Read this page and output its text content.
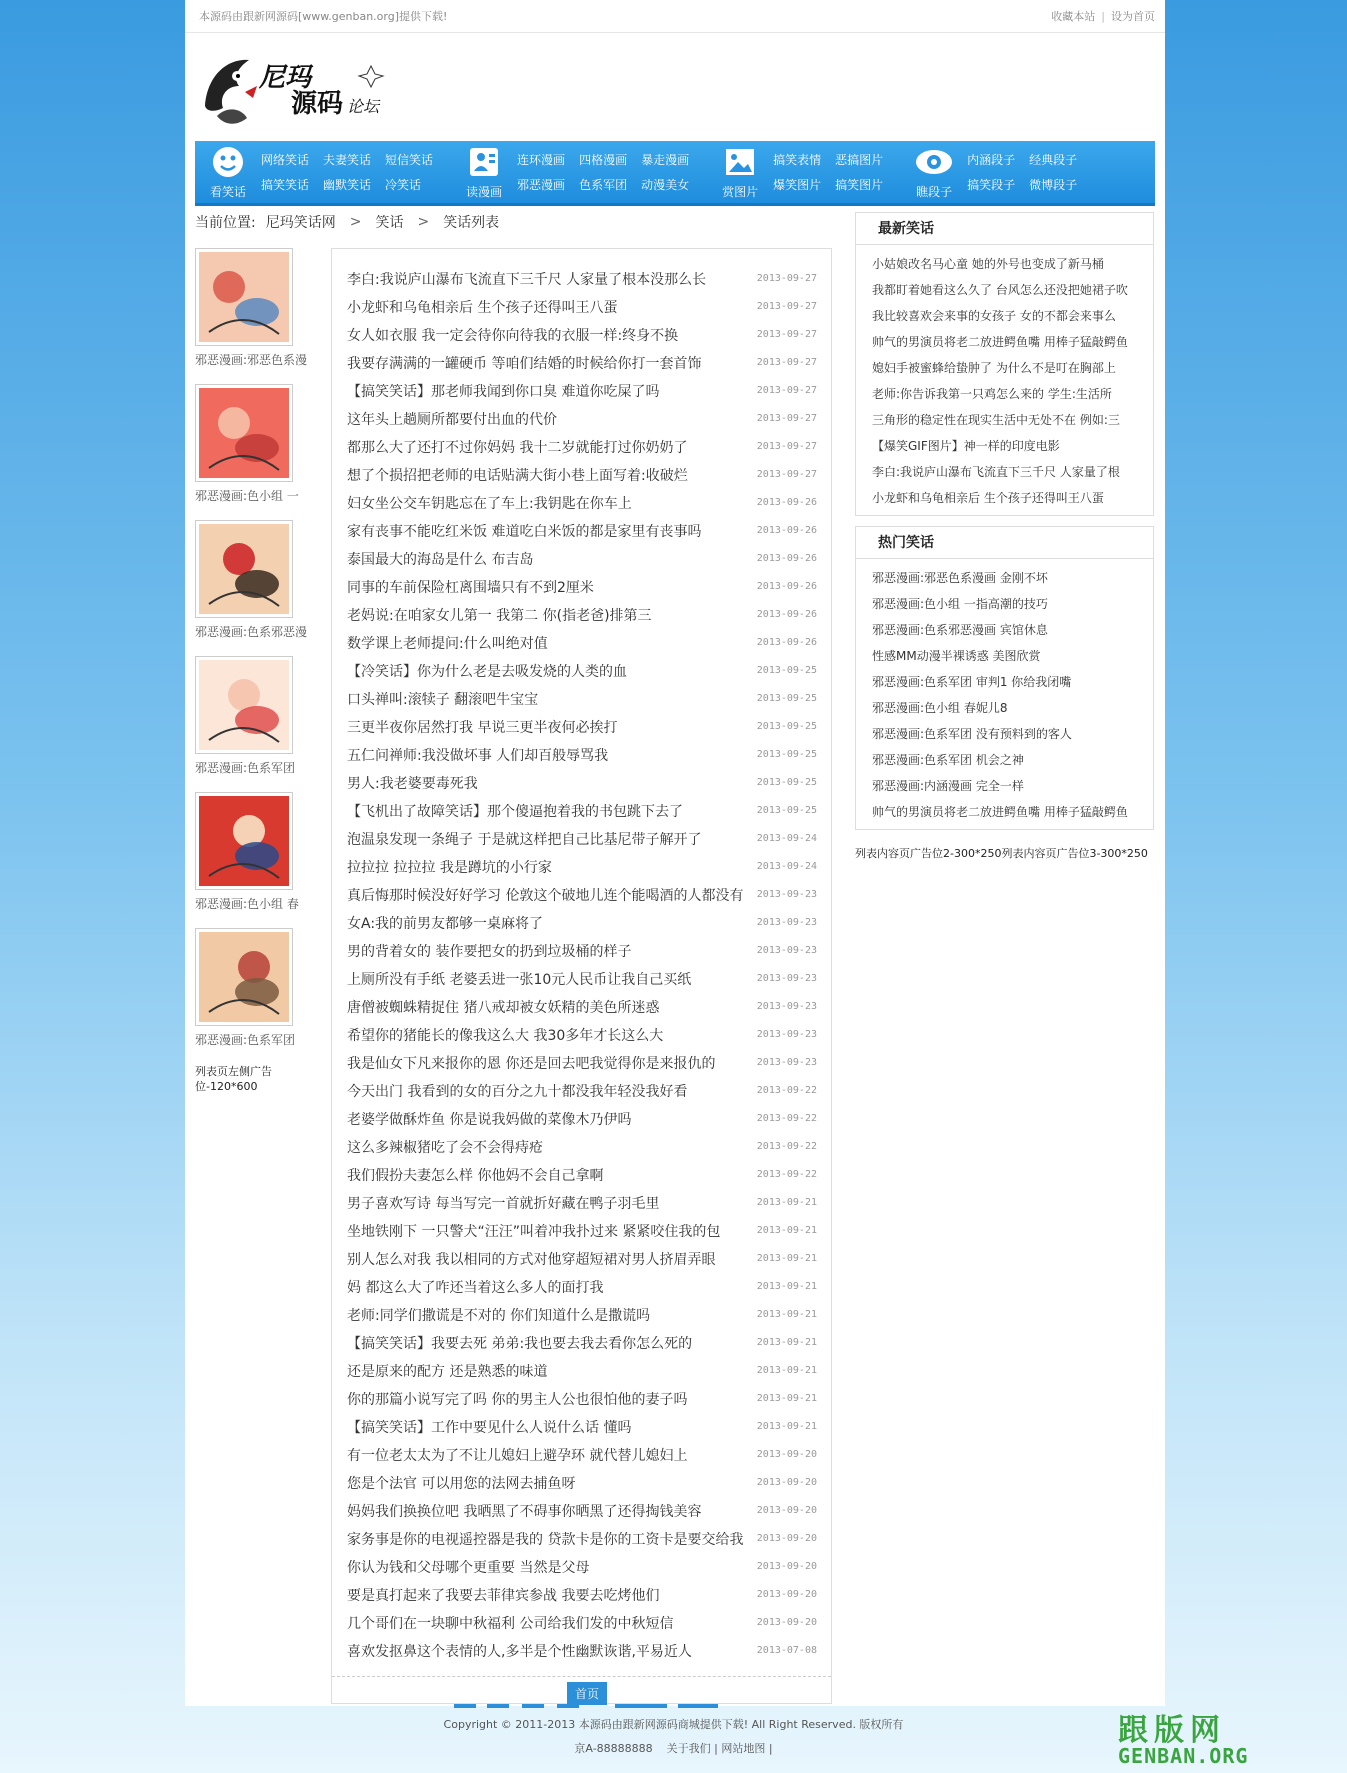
本源码由跟新网源码[www.genban.org]提供下载!	收藏本站 | 设为首页
尼玛
源码 论坛
看笑话
网络笑话 夫妻笑话 短信笑话
搞笑笑话 幽默笑话 冷笑话	读漫画
连环漫画 四格漫画 暴走漫画
邪恶漫画 色系军团 动漫美女	赏图片
搞笑表情 恶搞图片
爆笑图片 搞笑图片	瞧段子
内涵段子 经典段子
搞笑段子 微博段子
当前位置: 尼玛笑话网 > 笑话 > 笑话列表
邪恶漫画:邪恶色系漫
邪恶漫画:色小组 一
邪恶漫画:色系邪恶漫
邪恶漫画:色系军团
邪恶漫画:色小组 春
邪恶漫画:色系军团
列表页左侧广告位-120*600
李白:我说庐山瀑布飞流直下三千尺 人家量了根本没那么长	2013-09-27
小龙虾和乌龟相亲后 生个孩子还得叫王八蛋	2013-09-27
女人如衣服 我一定会待你向待我的衣服一样:终身不换	2013-09-27
我要存满满的一罐硬币 等咱们结婚的时候给你打一套首饰	2013-09-27
【搞笑笑话】那老师我闻到你口臭 难道你吃屎了吗	2013-09-27
这年头上趟厕所都要付出血的代价	2013-09-27
都那么大了还打不过你妈妈 我十二岁就能打过你奶奶了	2013-09-27
想了个损招把老师的电话贴满大街小巷上面写着:收破烂	2013-09-27
妇女坐公交车钥匙忘在了车上:我钥匙在你车上	2013-09-26
家有丧事不能吃红米饭 难道吃白米饭的都是家里有丧事吗	2013-09-26
泰国最大的海岛是什么 布吉岛	2013-09-26
同事的车前保险杠离围墙只有不到2厘米	2013-09-26
老妈说:在咱家女儿第一 我第二 你(指老爸)排第三	2013-09-26
数学课上老师提问:什么叫绝对值	2013-09-26
【冷笑话】你为什么老是去吸发烧的人类的血	2013-09-25
口头禅叫:滚犊子 翻滚吧牛宝宝	2013-09-25
三更半夜你居然打我 早说三更半夜何必挨打	2013-09-25
五仁问禅师:我没做坏事 人们却百般辱骂我	2013-09-25
男人:我老婆要毒死我	2013-09-25
【飞机出了故障笑话】那个傻逼抱着我的书包跳下去了	2013-09-25
泡温泉发现一条绳子 于是就这样把自己比基尼带子解开了	2013-09-24
拉拉拉 拉拉拉 我是蹲坑的小行家	2013-09-24
真后悔那时候没好好学习 伦敦这个破地儿连个能喝酒的人都没有 2013-09-23
女A:我的前男友都够一桌麻将了	2013-09-23
男的背着女的 装作要把女的扔到垃圾桶的样子	2013-09-23
上厕所没有手纸 老婆丢进一张10元人民币让我自己买纸	2013-09-23
唐僧被蜘蛛精捉住 猪八戒却被女妖精的美色所迷惑	2013-09-23
希望你的猪能长的像我这么大 我30多年才长这么大	2013-09-23
我是仙女下凡来报你的恩 你还是回去吧我觉得你是来报仇的	2013-09-23
今天出门 我看到的女的百分之九十都没我年轻没我好看	2013-09-22
老婆学做酥炸鱼 你是说我妈做的菜像木乃伊吗	2013-09-22
这么多辣椒猪吃了会不会得痔疮	2013-09-22
我们假扮夫妻怎么样 你他妈不会自己拿啊	2013-09-22
男子喜欢写诗 每当写完一首就折好藏在鸭子羽毛里	2013-09-21
坐地铁刚下 一只警犬“汪汪”叫着冲我扑过来 紧紧咬住我的包	2013-09-21
别人怎么对我 我以相同的方式对他穿超短裙对男人挤眉弄眼	2013-09-21
妈 都这么大了咋还当着这么多人的面打我	2013-09-21
老师:同学们撒谎是不对的 你们知道什么是撒谎吗	2013-09-21
【搞笑笑话】我要去死 弟弟:我也要去我去看你怎么死的	2013-09-21
还是原来的配方 还是熟悉的味道	2013-09-21
你的那篇小说写完了吗 你的男主人公也很怕他的妻子吗	2013-09-21
【搞笑笑话】工作中要见什么人说什么话 懂吗	2013-09-21
有一位老太太为了不让儿媳妇上避孕环 就代替儿媳妇上	2013-09-20
您是个法官 可以用您的法网去捕鱼呀	2013-09-20
妈妈我们换换位吧 我晒黑了不碍事你晒黑了还得掏钱美容	2013-09-20
家务事是你的电视遥控器是我的 贷款卡是你的工资卡是要交给我 2013-09-20
你认为钱和父母哪个更重要 当然是父母	2013-09-20
要是真打起来了我要去菲律宾参战 我要去吃烤他们	2013-09-20
几个哥们在一块聊中秋福利 公司给我们发的中秋短信	2013-09-20
喜欢发抠鼻这个表情的人,多半是个性幽默诙谐,平易近人	2013-07-08
首页
最新笑话
小姑娘改名马心童 她的外号也变成了新马桶
我都盯着她看这么久了 台风怎么还没把她裙子吹
我比较喜欢会来事的女孩子 女的不都会来事么
帅气的男演员将老二放进鳄鱼嘴 用棒子猛敲鳄鱼
媳妇手被蜜蜂给蛰肿了 为什么不是叮在胸部上
老师:你告诉我第一只鸡怎么来的 学生:生活所
三角形的稳定性在现实生活中无处不在 例如:三
【爆笑GIF图片】神一样的印度电影
李白:我说庐山瀑布飞流直下三千尺 人家量了根
小龙虾和乌龟相亲后 生个孩子还得叫王八蛋
热门笑话
邪恶漫画:邪恶色系漫画 金刚不坏
邪恶漫画:色小组 一指高潮的技巧
邪恶漫画:色系邪恶漫画 宾馆休息
性感MM动漫半裸诱惑 美图欣赏
邪恶漫画:色系军团 审判1 你给我闭嘴
邪恶漫画:色小组 春妮儿8
邪恶漫画:色系军团 没有预料到的客人
邪恶漫画:色系军团 机会之神
邪恶漫画:内涵漫画 完全一样
帅气的男演员将老二放进鳄鱼嘴 用棒子猛敲鳄鱼
列表内容页广告位2-300*250列表内容页广告位3-300*250
Copyright © 2011-2013 本源码由跟新网源码商城提供下载! All Right Reserved. 版权所有
京A-88888888 关于我们 | 网站地图 |
跟版网
GENBAN.ORG
